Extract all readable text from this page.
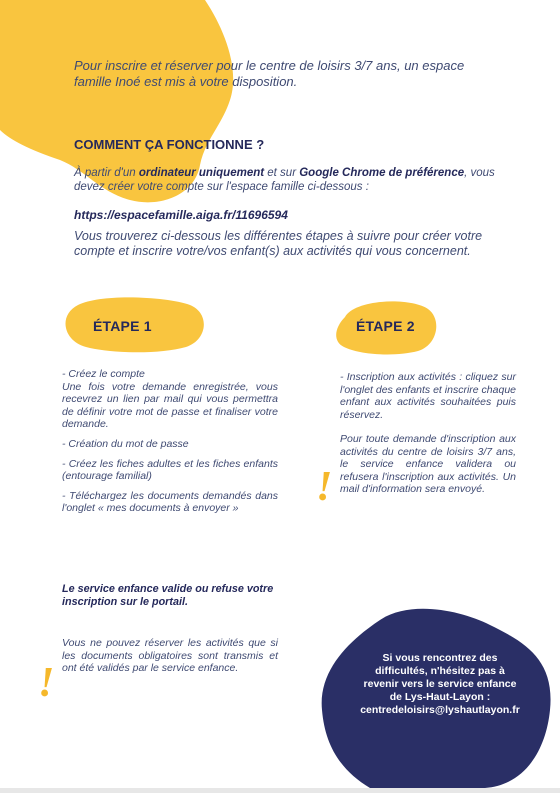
Pour inscrire et réserver pour le centre de loisirs 3/7 ans, un espace famille Inoé est mis à votre disposition.

COMMENT ÇA FONCTIONNE ?

À partir d'un ordinateur uniquement et sur Google Chrome de préférence, vous devez créer votre compte sur l'espace famille ci-dessous :

https://espacefamille.aiga.fr/11696594

Vous trouverez ci-dessous les différentes étapes à suivre pour créer votre compte et inscrire votre/vos enfant(s) aux activités qui vous concernent.

ÉTAPE 1

- Créez le compte

Une fois votre demande enregistrée, vous recevrez un lien par mail qui vous permettra de définir votre mot de passe et finaliser votre demande.

- Création du mot de passe

- Créez les fiches adultes et les fiches enfants (entourage familial)

- Téléchargez les documents demandés dans l'onglet « mes documents à envoyer »

Le service enfance valide ou refuse votre inscription sur le portail.

!

Vous ne pouvez réserver les activités que si les documents obligatoires sont transmis et ont été validés par le service enfance.

ÉTAPE 2

- Inscription aux activités : cliquez sur l'onglet des enfants et inscrire chaque enfant aux activités souhaitées puis réservez.

!

Pour toute demande d'inscription aux activités du centre de loisirs 3/7 ans, le service enfance validera ou refusera l'inscription aux activités. Un mail d'information sera envoyé.

Si vous rencontrez des

difficultés, n'hésitez pas à

revenir vers le service enfance

de Lys-Haut-Layon :

centredeloisirs@lyshautlayon.fr
